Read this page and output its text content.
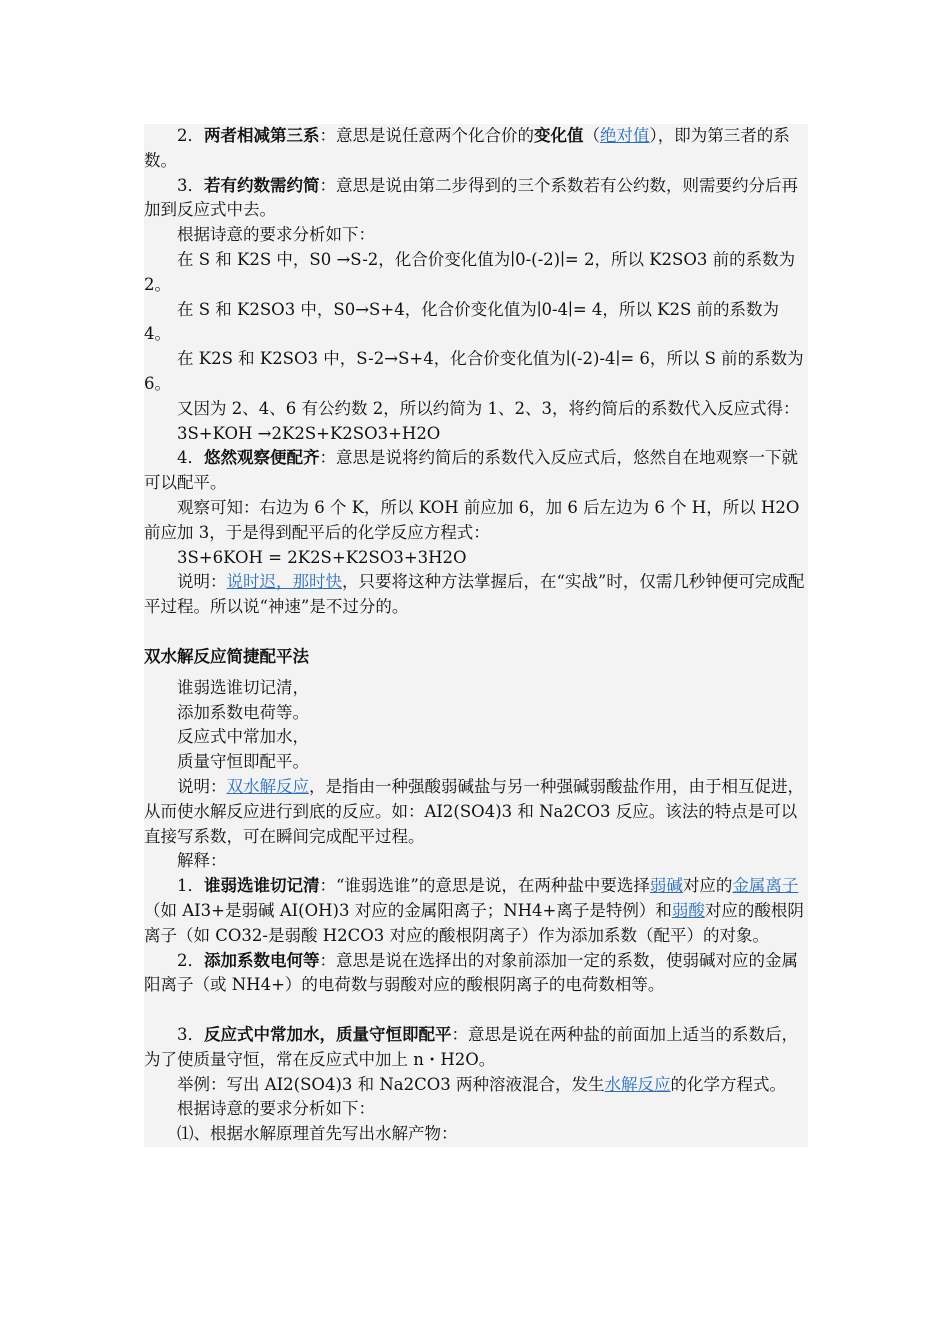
2．两者相减第三系：意思是说任意两个化合价的变化值（绝对值），即为第三者的系数。

3．若有约数需约简：意思是说由第二步得到的三个系数若有公约数，则需要约分后再加到反应式中去。

根据诗意的要求分析如下：

在 S 和 K2S 中，S0 →S-2，化合价变化值为∣0-(-2)∣= 2，所以 K2SO3 前的系数为 2。

在 S 和 K2SO3 中，S0→S+4，化合价变化值为∣0-4∣= 4，所以 K2S 前的系数为 4。

在 K2S 和 K2SO3 中，S-2→S+4，化合价变化值为∣(-2)-4∣= 6，所以 S 前的系数为 6。

又因为 2、4、6 有公约数 2，所以约简为 1、2、3，将约简后的系数代入反应式得：

3S+KOH →2K2S+K2SO3+H2O

4．悠然观察便配齐：意思是说将约简后的系数代入反应式后，悠然自在地观察一下就可以配平。

观察可知：右边为 6 个 K，所以 KOH 前应加 6，加 6 后左边为 6 个 H，所以 H2O 前应加 3，于是得到配平后的化学反应方程式：

3S+6KOH = 2K2S+K2SO3+3H2O

说明：说时迟，那时快，只要将这种方法掌握后，在“实战”时，仅需几秒钟便可完成配平过程。所以说“神速”是不过分的。

双水解反应简捷配平法

谁弱选谁切记清，

添加系数电荷等。

反应式中常加水，

质量守恒即配平。

说明：双水解反应，是指由一种强酸弱碱盐与另一种强碱弱酸盐作用，由于相互促进，从而使水解反应进行到底的反应。如：AI2(SO4)3 和 Na2CO3 反应。该法的特点是可以直接写系数，可在瞬间完成配平过程。

解释：

1．谁弱选谁切记清：“谁弱选谁”的意思是说，在两种盐中要选择弱碱对应的金属离子（如 AI3+是弱碱 AI(OH)3 对应的金属阳离子；NH4+离子是特例）和弱酸对应的酸根阴离子（如 CO32-是弱酸 H2CO3 对应的酸根阴离子）作为添加系数（配平）的对象。

2．添加系数电何等：意思是说在选择出的对象前添加一定的系数，使弱碱对应的金属阳离子（或 NH4+）的电荷数与弱酸对应的酸根阴离子的电荷数相等。

3．反应式中常加水，质量守恒即配平：意思是说在两种盐的前面加上适当的系数后，为了使质量守恒，常在反应式中加上 n・H2O。

举例：写出 AI2(SO4)3 和 Na2CO3 两种溶液混合，发生水解反应的化学方程式。

根据诗意的要求分析如下：

⑴、根据水解原理首先写出水解产物：
